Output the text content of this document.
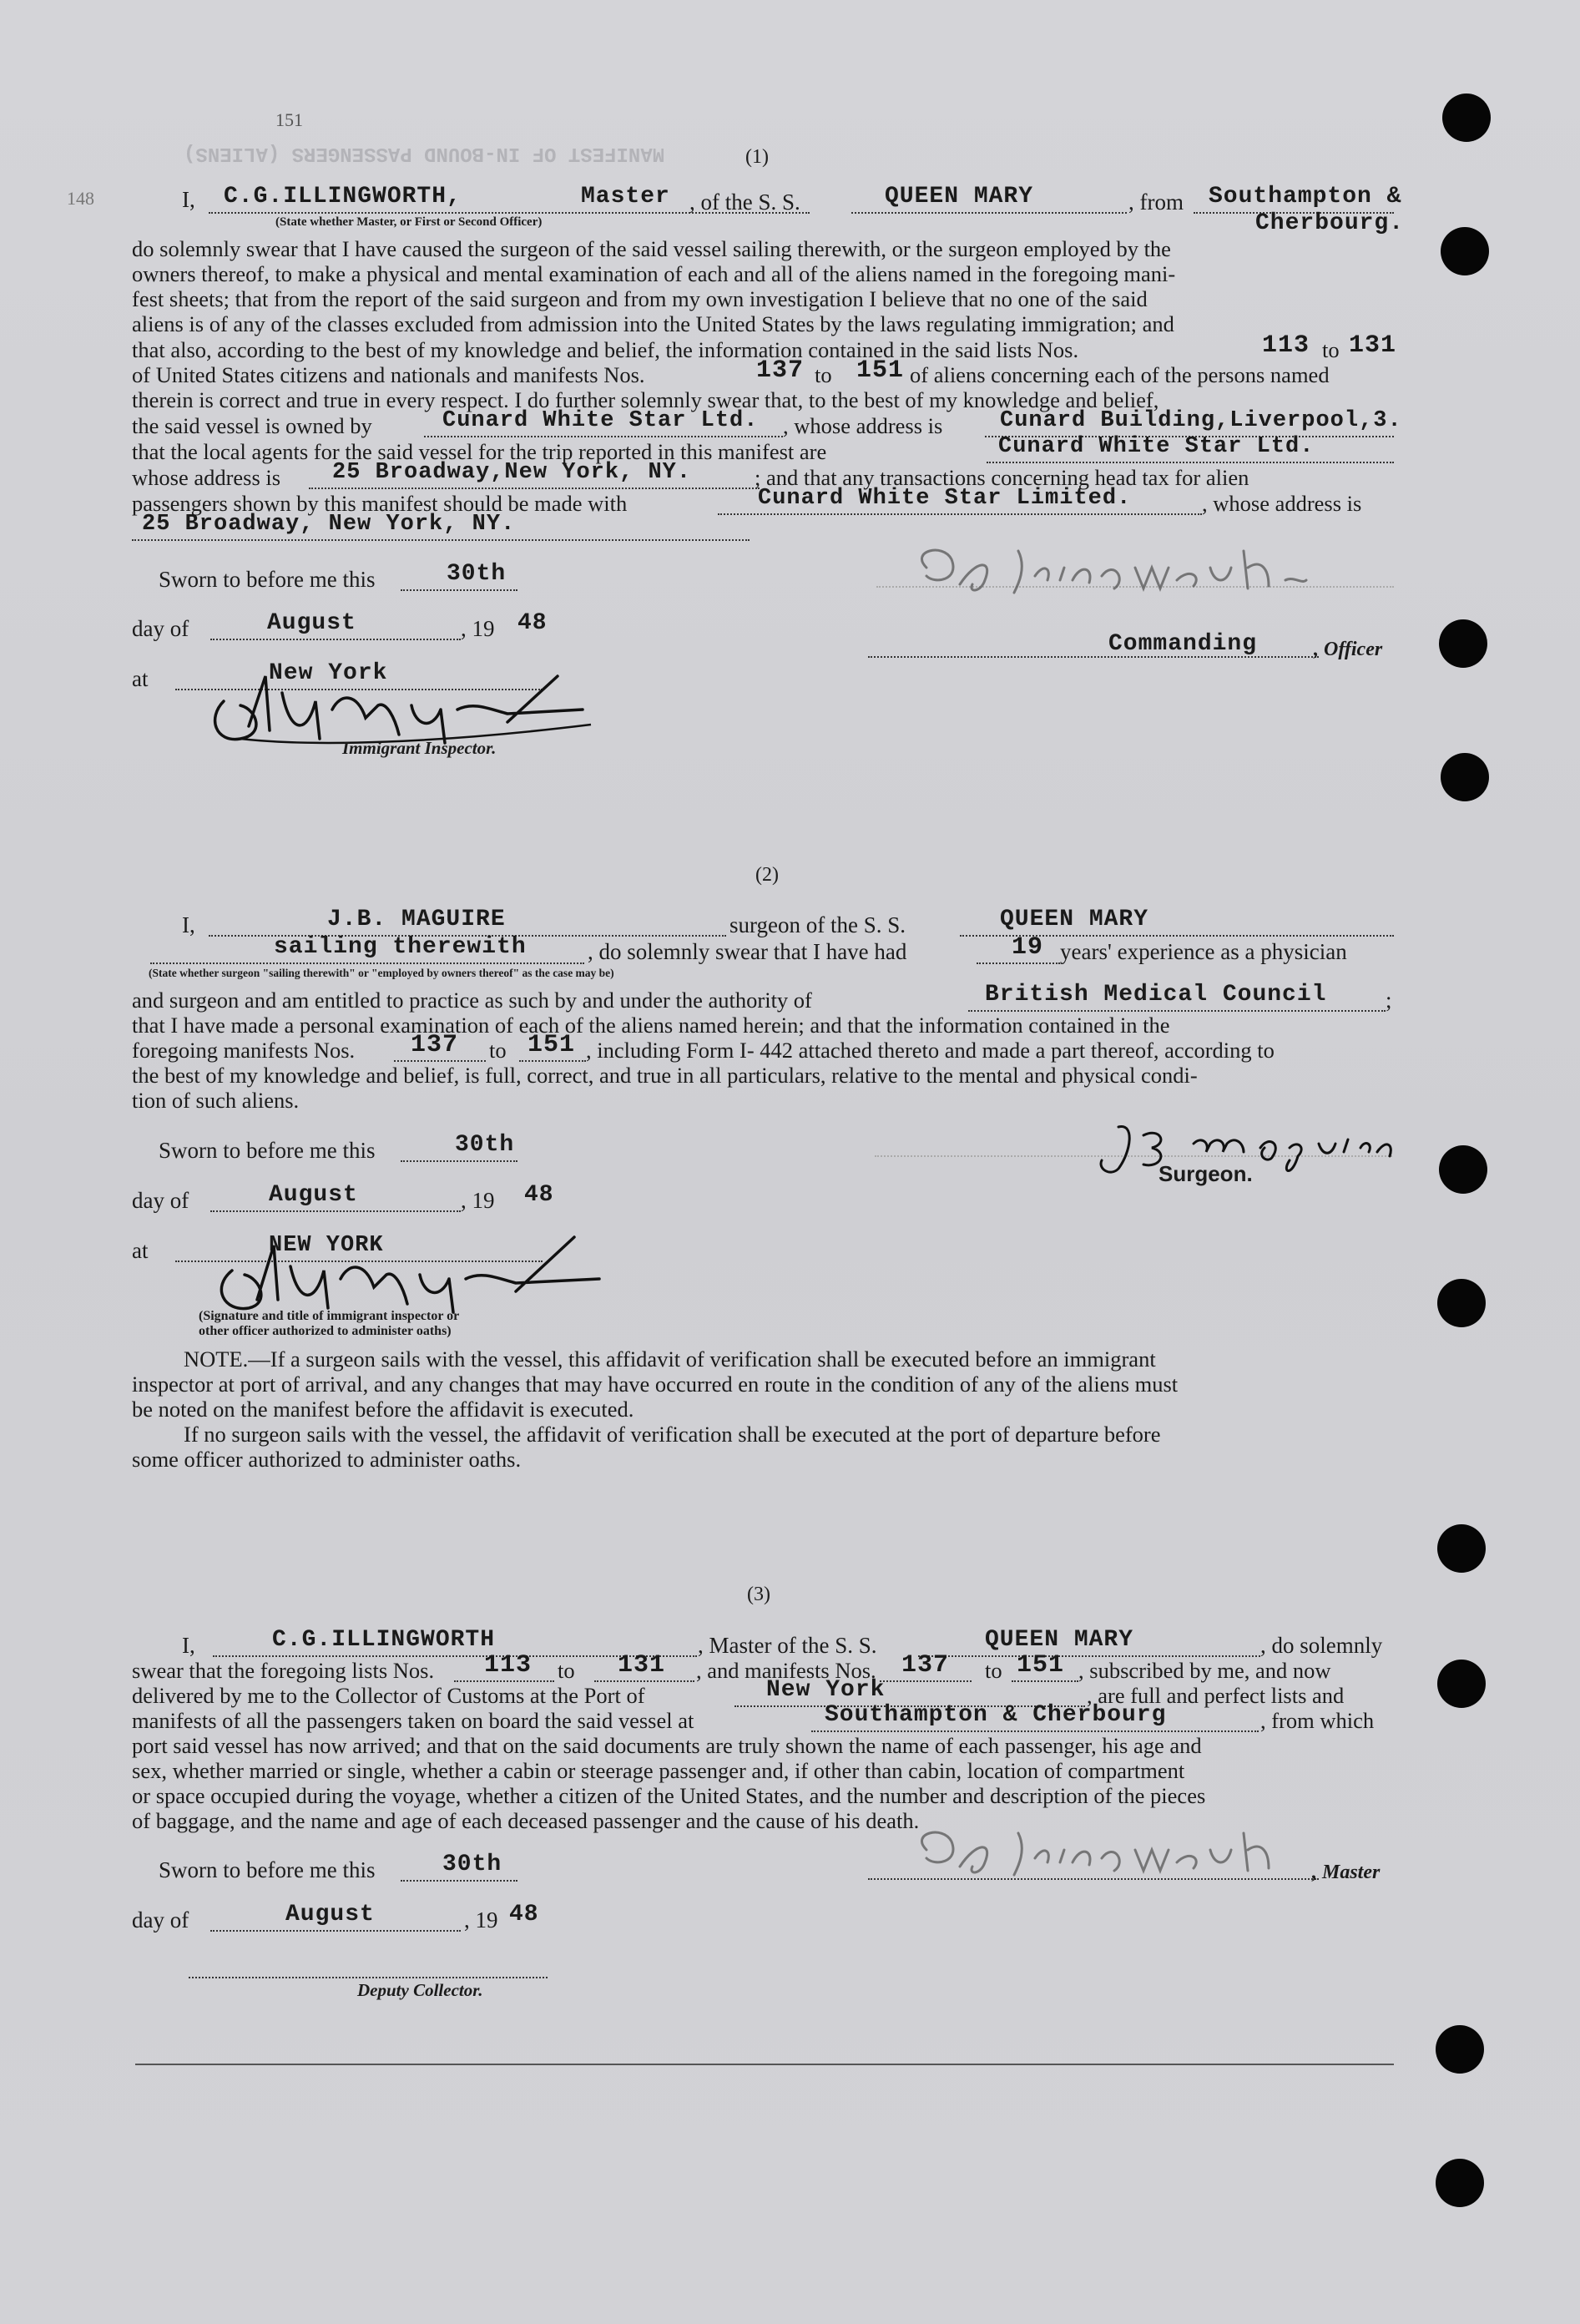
MANIFEST OF IN-BOUND PASSENGERS (ALIENS)
151
148
(1)
I, C.G.ILLINGWORTH,	Master , of the S. S.	QUEEN MARY	, from Southampton &
Cherbourg.
(State whether Master, or First or Second Officer)
do solemnly swear that I have caused the surgeon of the said vessel sailing therewith, or the surgeon employed by the
owners thereof, to make a physical and mental examination of each and all of the aliens named in the foregoing mani-
fest sheets; that from the report of the said surgeon and from my own investigation I believe that no one of the said
aliens is of any of the classes excluded from admission into the United States by the laws regulating immigration; and
that also, according to the best of my knowledge and belief, the information contained in the said lists Nos.	113 to 131
of United States citizens and nationals and manifests Nos.	137 to 151 of aliens concerning each of the persons named
therein is correct and true in every respect. I do further solemnly swear that, to the best of my knowledge and belief,
the said vessel is owned by	Cunard White Star Ltd. , whose address is	Cunard Building,Liverpool,3.
that the local agents for the said vessel for the trip reported in this manifest are	Cunard White Star Ltd.
whose address is 25 Broadway,New York, NY.	; and that any transactions concerning head tax for alien
passengers shown by this manifest should be made with	Cunard White Star Limited.	, whose address is
25 Broadway, New York, NY.
Sworn to before me this	30th
day of	August	, 19 48
at	New York
Immigrant Inspector.
Commanding	, Officer
(2)
I,	J.B. MAGUIRE	surgeon of the S. S.	QUEEN MARY
sailing therewith	, do solemnly swear that I have had	19 years' experience as a physician
(State whether surgeon "sailing therewith" or "employed by owners thereof" as the case may be)
and surgeon and am entitled to practice as such by and under the authority of	British Medical Council	;
that I have made a personal examination of each of the aliens named herein; and that the information contained in the
foregoing manifests Nos. 137 to 151 , including Form I- 442 attached thereto and made a part thereof, according to
the best of my knowledge and belief, is full, correct, and true in all particulars, relative to the mental and physical condi-
tion of such aliens.
Sworn to before me this	30th
day of	August	, 19 48
at	NEW YORK
(Signature and title of immigrant inspector or
other officer authorized to administer oaths)
Surgeon.
NOTE.—If a surgeon sails with the vessel, this affidavit of verification shall be executed before an immigrant
inspector at port of arrival, and any changes that may have occurred en route in the condition of any of the aliens must
be noted on the manifest before the affidavit is executed.
If no surgeon sails with the vessel, the affidavit of verification shall be executed at the port of departure before
some officer authorized to administer oaths.
(3)
I,	C.G.ILLINGWORTH	, Master of the S. S.	QUEEN MARY	, do solemnly
swear that the foregoing lists Nos. 113 to 131 , and manifests Nos. 137 to 151 , subscribed by me, and now
delivered by me to the Collector of Customs at the Port of	New York	, are full and perfect lists and
manifests of all the passengers taken on board the said vessel at	Southampton & Cherbourg	, from which
port said vessel has now arrived; and that on the said documents are truly shown the name of each passenger, his age and
sex, whether married or single, whether a cabin or steerage passenger and, if other than cabin, location of compartment
or space occupied during the voyage, whether a citizen of the United States, and the number and description of the pieces
of baggage, and the name and age of each deceased passenger and the cause of his death.
Sworn to before me this	30th
day of	August	, 19 48
Deputy Collector.
, Master
